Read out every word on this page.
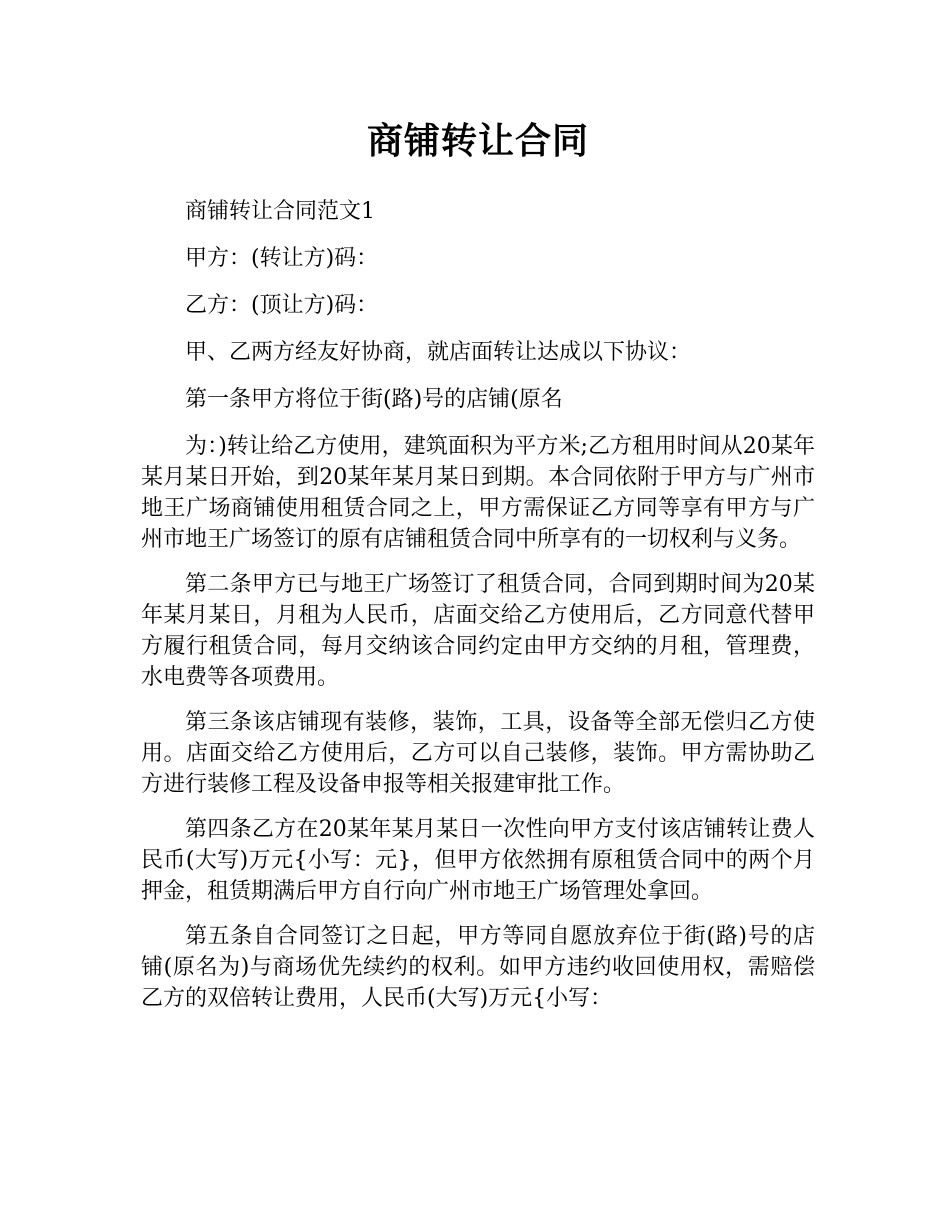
商铺转让合同

商铺转让合同范文1

甲方：(转让方)码：

乙方：(顶让方)码：

甲、乙两方经友好协商，就店面转让达成以下协议：

第一条甲方将位于街(路)号的店铺(原名

为：)转让给乙方使用，建筑面积为平方米;乙方租用时间从20某年某月某日开始，到20某年某月某日到期。本合同依附于甲方与广州市地王广场商铺使用租赁合同之上，甲方需保证乙方同等享有甲方与广州市地王广场签订的原有店铺租赁合同中所享有的一切权利与义务。

第二条甲方已与地王广场签订了租赁合同，合同到期时间为20某年某月某日，月租为人民币，店面交给乙方使用后，乙方同意代替甲方履行租赁合同，每月交纳该合同约定由甲方交纳的月租，管理费，水电费等各项费用。

第三条该店铺现有装修，装饰，工具，设备等全部无偿归乙方使用。店面交给乙方使用后，乙方可以自己装修，装饰。甲方需协助乙方进行装修工程及设备申报等相关报建审批工作。

第四条乙方在20某年某月某日一次性向甲方支付该店铺转让费人民币(大写)万元{小写：元}，但甲方依然拥有原租赁合同中的两个月押金，租赁期满后甲方自行向广州市地王广场管理处拿回。

第五条自合同签订之日起，甲方等同自愿放弃位于街(路)号的店铺(原名为)与商场优先续约的权利。如甲方违约收回使用权，需赔偿乙方的双倍转让费用，人民币(大写)万元{小写：
